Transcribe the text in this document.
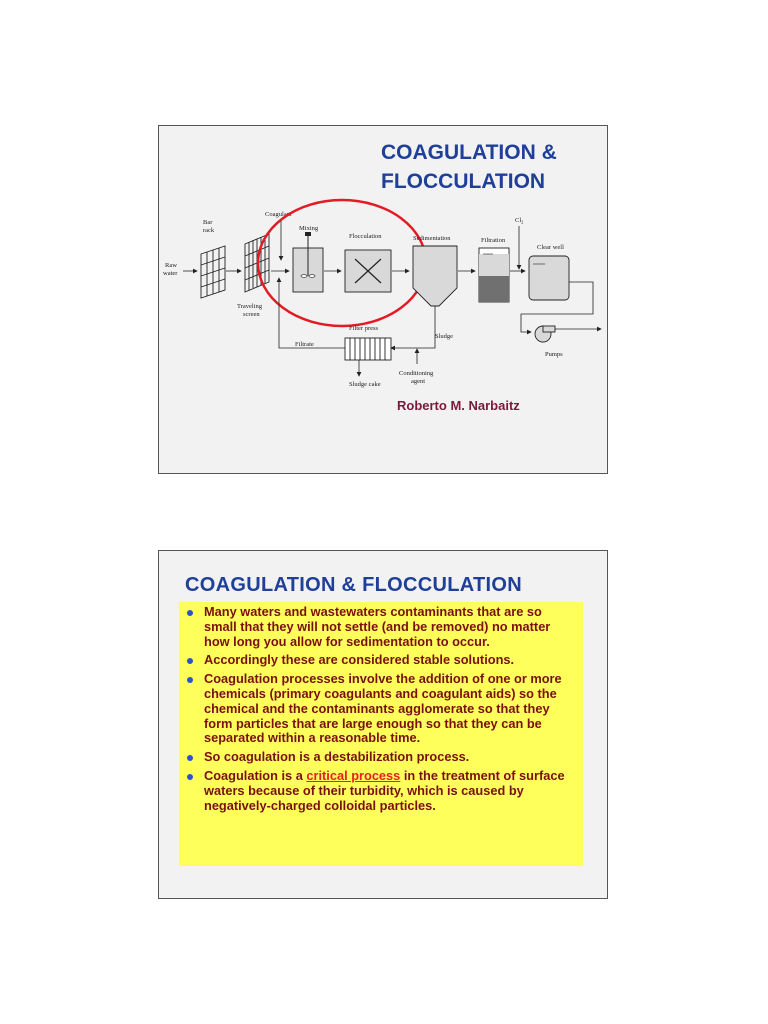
COAGULATION &
FLOCCULATION
Raw
water
Bar
rack
Traveling
screen
Coagulant
Mixing
Flocculation	Sedimentation
Sludge
Filtration
$Cl_2$
Clear well
Pumps
Filter press
Filtrate
Sludge cake
Conditioning
agent
Roberto M. Narbaitz
COAGULATION & FLOCCULATION
Many waters and wastewaters contaminants that are so small that they will not settle (and be removed) no matter how long you allow for sedimentation to occur.
Accordingly these are considered stable solutions.
Coagulation processes involve the addition of one or more chemicals (primary coagulants and coagulant aids) so the chemical and the contaminants agglomerate so that they form particles that are large enough so that they can be separated within a reasonable time.
So coagulation is a destabilization process.
Coagulation is a critical process in the treatment of surface waters because of their turbidity, which is caused by negatively-charged colloidal particles.
